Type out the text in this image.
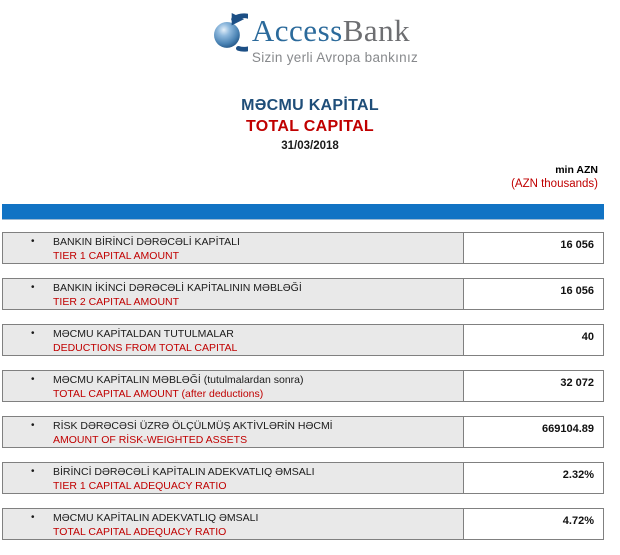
AccessBank
Sizin yerli Avropa bankınız
MƏCMU KAPİTAL
TOTAL CAPITAL
31/03/2018
min AZN
(AZN thousands)
•	BANKIN BİRİNCİ DƏRƏCƏLİ KAPİTALI
TIER 1 CAPITAL AMOUNT
16 056
•	BANKIN İKİNCİ DƏRƏCƏLİ KAPİTALININ MƏBLƏĞİ
TIER 2 CAPITAL AMOUNT
16 056
•	MƏCMU KAPİTALDAN TUTULMALAR
DEDUCTIONS FROM TOTAL CAPITAL
40
•	MƏCMU KAPİTALIN MƏBLƏĞİ (tutulmalardan sonra)
TOTAL CAPITAL AMOUNT (after deductions)
32 072
•	RİSK DƏRƏCƏSİ ÜZRƏ ÖLÇÜLMÜŞ AKTİVLƏRİN HƏCMİ
AMOUNT OF RİSK-WEIGHTED ASSETS
669104.89
•	BİRİNCİ DƏRƏCƏLİ KAPİTALIN ADEKVATLIQ ƏMSALI
TIER 1 CAPITAL ADEQUACY RATIO
2.32%
•	MƏCMU KAPİTALIN ADEKVATLIQ ƏMSALI
TOTAL CAPITAL ADEQUACY RATIO
4.72%
